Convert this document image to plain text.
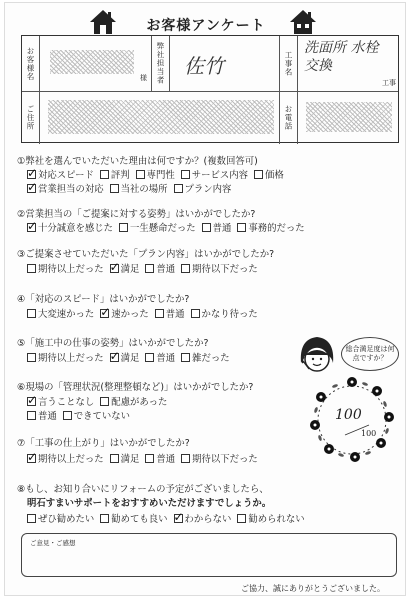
お客様アンケート
お客様名	様	弊社担当者 佐竹	工事名
洗面所 水栓交換
工事
ご住所	お電話
①弊社を選んでいただいた理由は何ですか？(複数回答可)
✓
対応スピード 評判 専門性 サービス内容 価格
✓
営業担当の対応 当社の場所 プラン内容
②営業担当の「ご提案に対する姿勢」はいかがでしたか?
✓
十分誠意を感じた 一生懸命だった 普通 事務的だった
③ご提案させていただいた「プラン内容」はいかがでしたか?
期待以上だった ✓ 満足 普通 期待以下だった
④「対応のスピード」はいかがでしたか?
大変速かった ✓ 速かった 普通 かなり待った
⑤「施工中の仕事の姿勢」はいかがでしたか?
期待以上だった ✓ 満足 普通 雑だった
⑥現場の「管理状況(整理整頓など)」はいかがでしたか?
✓
言うことなし 配慮があった
普通 できていない
⑦「工事の仕上がり」はいかがでしたか?
✓
期待以上だった 満足 普通 期待以下だった
⑧もし、お知り合いにリフォームの予定がございましたら、
明石すまいサポートをおすすめいただけますでしょうか。
ぜひ勧めたい 勧めても良い ✓ わからない 勧められない
総合満足度は何点ですか？
100
100
ご意見・ご感想
ご協力、誠にありがとうございました。
